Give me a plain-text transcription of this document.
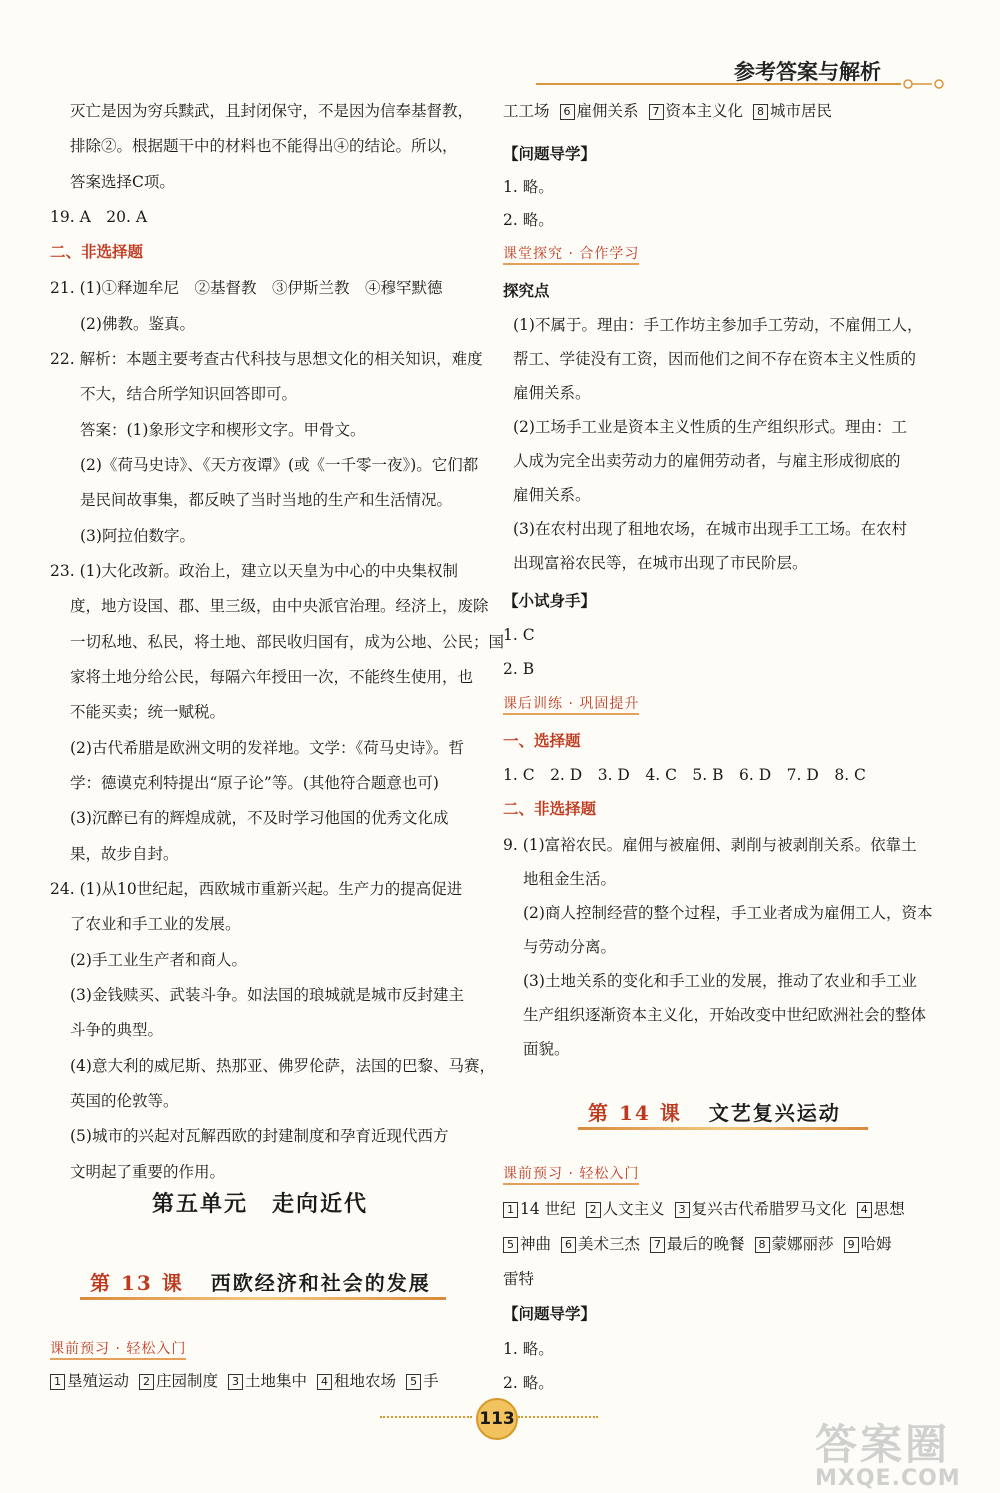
参考答案与解析
灭亡是因为穷兵黩武，且封闭保守，不是因为信奉基督教，
排除②。根据题干中的材料也不能得出④的结论。所以，
答案选择C项。
19. A　20. A
二、非选择题
21. (1)①释迦牟尼　②基督教　③伊斯兰教　④穆罕默德
(2)佛教。鉴真。
22. 解析：本题主要考查古代科技与思想文化的相关知识，难度
不大，结合所学知识回答即可。
答案：(1)象形文字和楔形文字。甲骨文。
(2)《荷马史诗》、《天方夜谭》(或《一千零一夜》)。它们都
是民间故事集，都反映了当时当地的生产和生活情况。
(3)阿拉伯数字。
23. (1)大化改新。政治上，建立以天皇为中心的中央集权制
度，地方设国、郡、里三级，由中央派官治理。经济上，废除
一切私地、私民，将土地、部民收归国有，成为公地、公民；国
家将土地分给公民，每隔六年授田一次，不能终生使用，也
不能买卖；统一赋税。
(2)古代希腊是欧洲文明的发祥地。文学：《荷马史诗》。哲
学：德谟克利特提出“原子论”等。(其他符合题意也可)
(3)沉醉已有的辉煌成就，不及时学习他国的优秀文化成
果，故步自封。
24. (1)从10世纪起，西欧城市重新兴起。生产力的提高促进
了农业和手工业的发展。
(2)手工业生产者和商人。
(3)金钱赎买、武装斗争。如法国的琅城就是城市反封建主
斗争的典型。
(4)意大利的威尼斯、热那亚、佛罗伦萨，法国的巴黎、马赛，
英国的伦敦等。
(5)城市的兴起对瓦解西欧的封建制度和孕育近现代西方
文明起了重要的作用。
工工场 6 雇佣关系 7 资本主义化 8 城市居民
【问题导学】
1. 略。
2. 略。
课堂探究 · 合作学习
探究点
(1)不属于。理由：手工作坊主参加手工劳动，不雇佣工人，
帮工、学徒没有工资，因而他们之间不存在资本主义性质的
雇佣关系。
(2)工场手工业是资本主义性质的生产组织形式。理由：工
人成为完全出卖劳动力的雇佣劳动者，与雇主形成彻底的
雇佣关系。
(3)在农村出现了租地农场，在城市出现手工工场。在农村
出现富裕农民等，在城市出现了市民阶层。
【小试身手】
1. C
2. B
课后训练 · 巩固提升
一、选择题
1. C　2. D　3. D　4. C　5. B　6. D　7. D　8. C
二、非选择题
9. (1)富裕农民。雇佣与被雇佣、剥削与被剥削关系。依靠土
地租金生活。
(2)商人控制经营的整个过程，手工业者成为雇佣工人，资本
与劳动分离。
(3)土地关系的变化和手工业的发展，推动了农业和手工业
生产组织逐渐资本主义化，开始改变中世纪欧洲社会的整体
面貌。
第五单元　走向近代
第 13 课 西欧经济和社会的发展
课前预习 · 轻松入门
1 垦殖运动 2 庄园制度 3 土地集中 4 租地农场 5 手
第 14 课 文艺复兴运动
课前预习 · 轻松入门
1 14 世纪 2 人文主义 3 复兴古代希腊罗马文化 4 思想
5 神曲 6 美术三杰 7 最后的晚餐 8 蒙娜丽莎 9 哈姆
雷特
【问题导学】
1. 略。
2. 略。
113
答案圈
MXQE.COM
